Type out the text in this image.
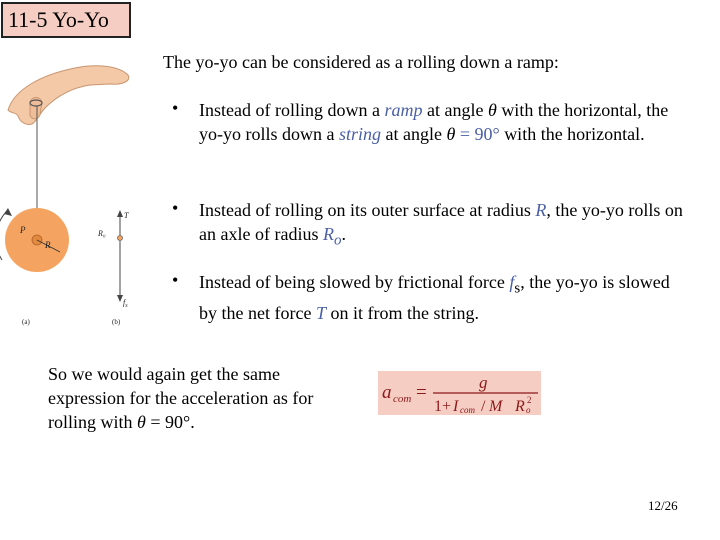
11-5 Yo-Yo
P
R
T
R₀
$f_s$
(a)	(b)
The yo-yo can be considered as a rolling down a ramp:
• Instead of rolling down a ramp at angle θ with the horizontal, the yo-yo rolls down a string at angle θ = 90° with the horizontal.
• Instead of rolling on its outer surface at radius R, the yo-yo rolls on an axle of radius $R_o$.
• Instead of being slowed by frictional force $f_s$, the yo-yo is slowed by the net force T on it from the string.
So we would again get the same expression for the acceleration as for rolling with θ = 90°.
a com =	g
1+ I com / M R o
2
12/26
